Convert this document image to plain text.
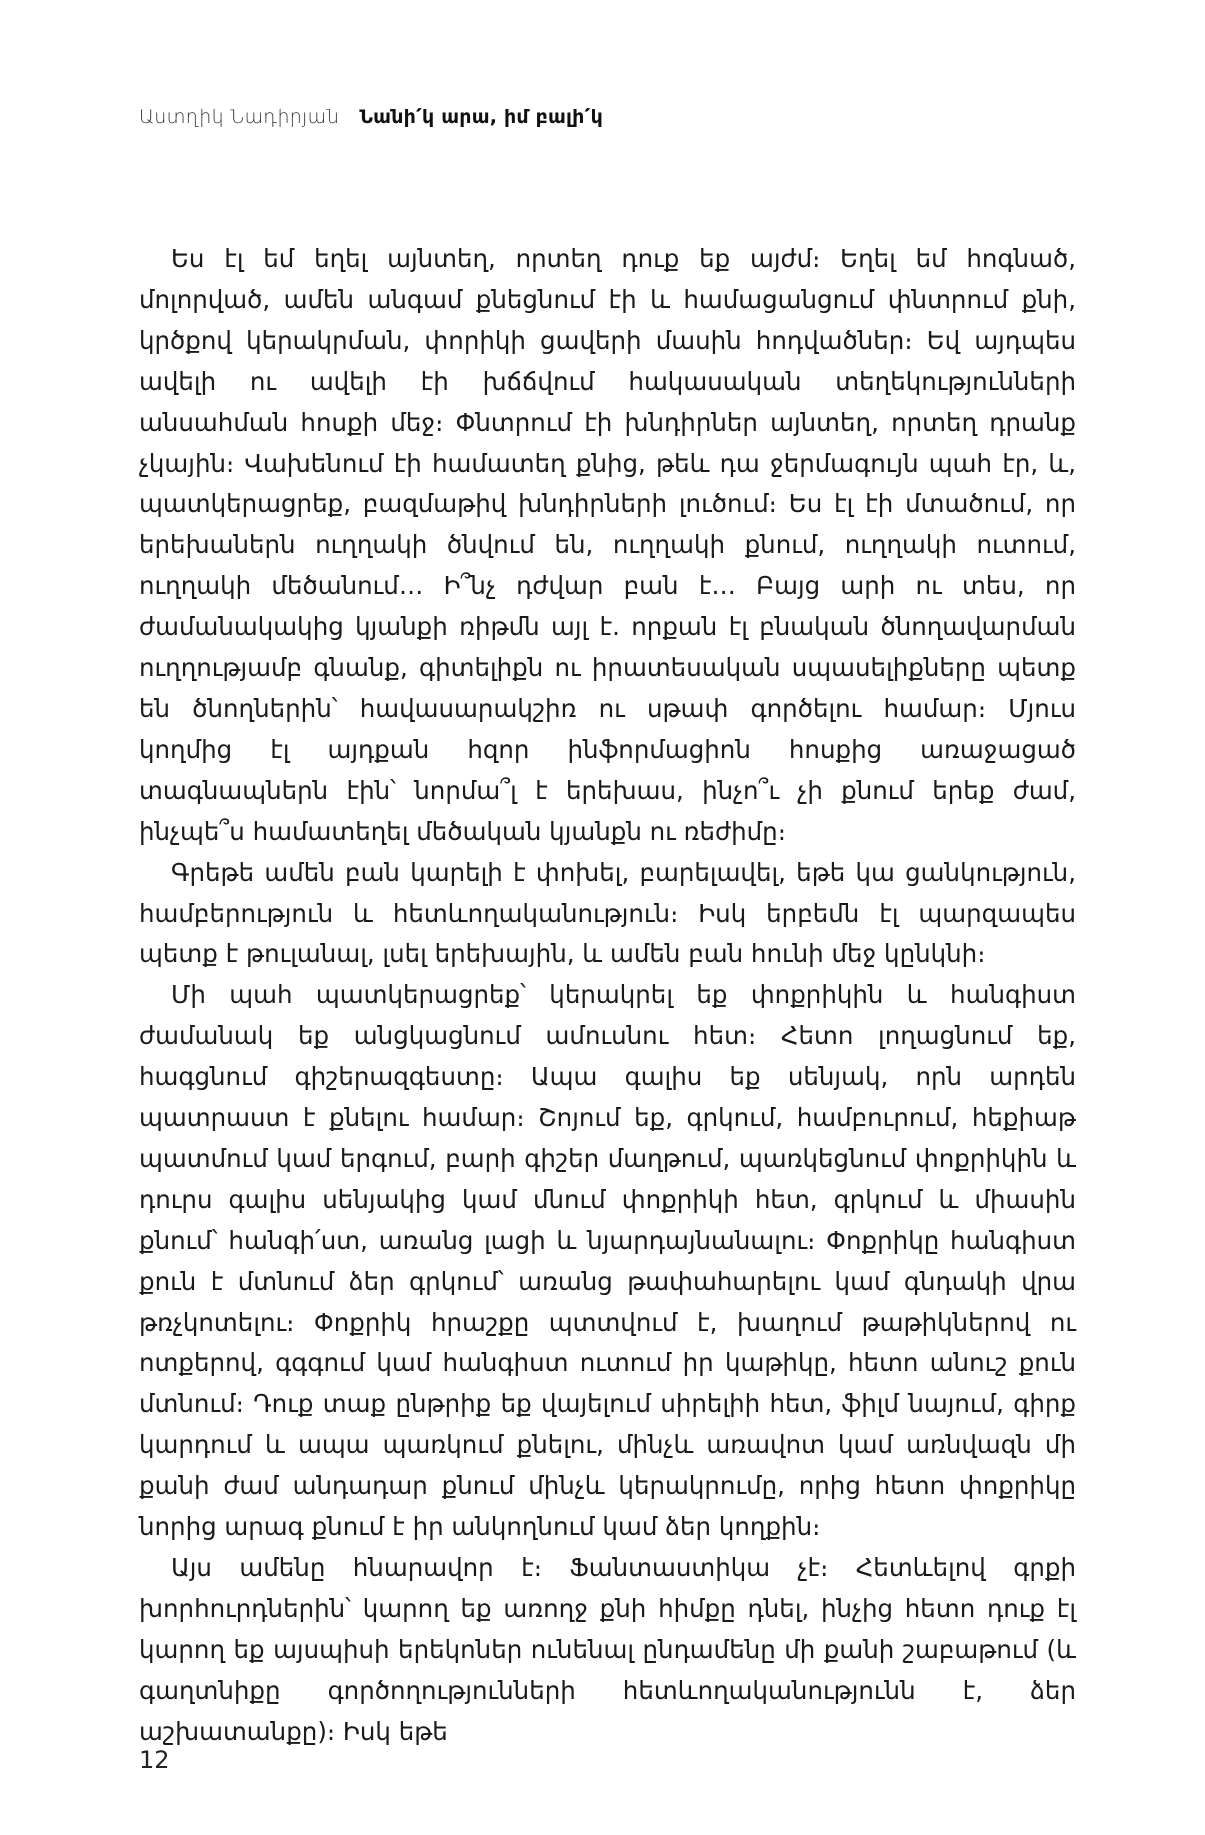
Աստղիկ Նադիրյան Նանի՛կ արա, իմ բալի՛կ

Ես էլ եմ եղել այնտեղ, որտեղ դուք եք այժմ։ Եղել եմ հոգնած, մոլորված, ամեն անգամ քնեցնում էի և համացանցում փնտրում քնի, կրծքով կերակրման, փորիկի ցավերի մասին հոդվածներ։ Եվ այդպես ավելի ու ավելի էի խճճվում հակասական տեղեկությունների անսահման հոսքի մեջ։ Փնտրում էի խնդիրներ այնտեղ, որտեղ դրանք չկային։ Վախենում էի համատեղ քնից, թեև դա ջերմագույն պահ էր, և, պատկերացրեք, բազմաթիվ խնդիրների լուծում։ Ես էլ էի մտածում, որ երեխաներն ուղղակի ծնվում են, ուղղակի քնում, ուղղակի ուտում, ուղղակի մեծանում… Ի՞նչ դժվար բան է… Բայց արի ու տես, որ ժամանակակից կյանքի ռիթմն այլ է. որքան էլ բնական ծնողավարման ուղղությամբ գնանք, գիտելիքն ու իրատեսական սպասելիքները պետք են ծնողներին՝ հավասարակշիռ ու սթափ գործելու համար։ Մյուս կողմից էլ այդքան հզոր ինֆորմացիոն հոսքից առաջացած տագնապներն էին՝ նորմա՞լ է երեխաս, ինչո՞ւ չի քնում երեք ժամ, ինչպե՞ս համատեղել մեծական կյանքն ու ռեժիմը։

Գրեթե ամեն բան կարելի է փոխել, բարելավել, եթե կա ցանկություն, համբերություն և հետևողականություն։ Իսկ երբեմն էլ պարզապես պետք է թուլանալ, լսել երեխային, և ամեն բան հունի մեջ կընկնի։

Մի պահ պատկերացրեք՝ կերակրել եք փոքրիկին և հանգիստ ժամանակ եք անցկացնում ամուսնու հետ։ Հետո լողացնում եք, հագցնում գիշերազգեստը։ Ապա գալիս եք սենյակ, որն արդեն պատրաստ է քնելու համար։ Շոյում եք, գրկում, համբուրում, հեքիաթ պատմում կամ երգում, բարի գիշեր մաղթում, պառկեցնում փոքրիկին և դուրս գալիս սենյակից կամ մնում փոքրիկի հետ, գրկում և միասին քնում՝ հանգի՛ստ, առանց լացի և նյարդայնանալու։ Փոքրիկը հանգիստ քուն է մտնում ձեր գրկում՝ առանց թափահարելու կամ գնդակի վրա թռչկոտելու։ Փոքրիկ հրաշքը պտտվում է, խաղում թաթիկներով ու ոտքերով, գգգում կամ հանգիստ ուտում իր կաթիկը, հետո անուշ քուն մտնում։ Դուք տաք ընթրիք եք վայելում սիրելիի հետ, ֆիլմ նայում, գիրք կարդում և ապա պառկում քնելու, մինչև առավոտ կամ առնվազն մի քանի ժամ անդադար քնում մինչև կերակրումը, որից հետո փոքրիկը նորից արագ քնում է իր անկողնում կամ ձեր կողքին։

Այս ամենը հնարավոր է։ Ֆանտաստիկա չէ։ Հետևելով գրքի խորհուրդներին՝ կարող եք առողջ քնի հիմքը դնել, ինչից հետո դուք էլ կարող եք այսպիսի երեկոներ ունենալ ընդամենը մի քանի շաբաթում (և գաղտնիքը գործողությունների հետևողականությունն է, ձեր աշխատանքը)։ Իսկ եթե

12
